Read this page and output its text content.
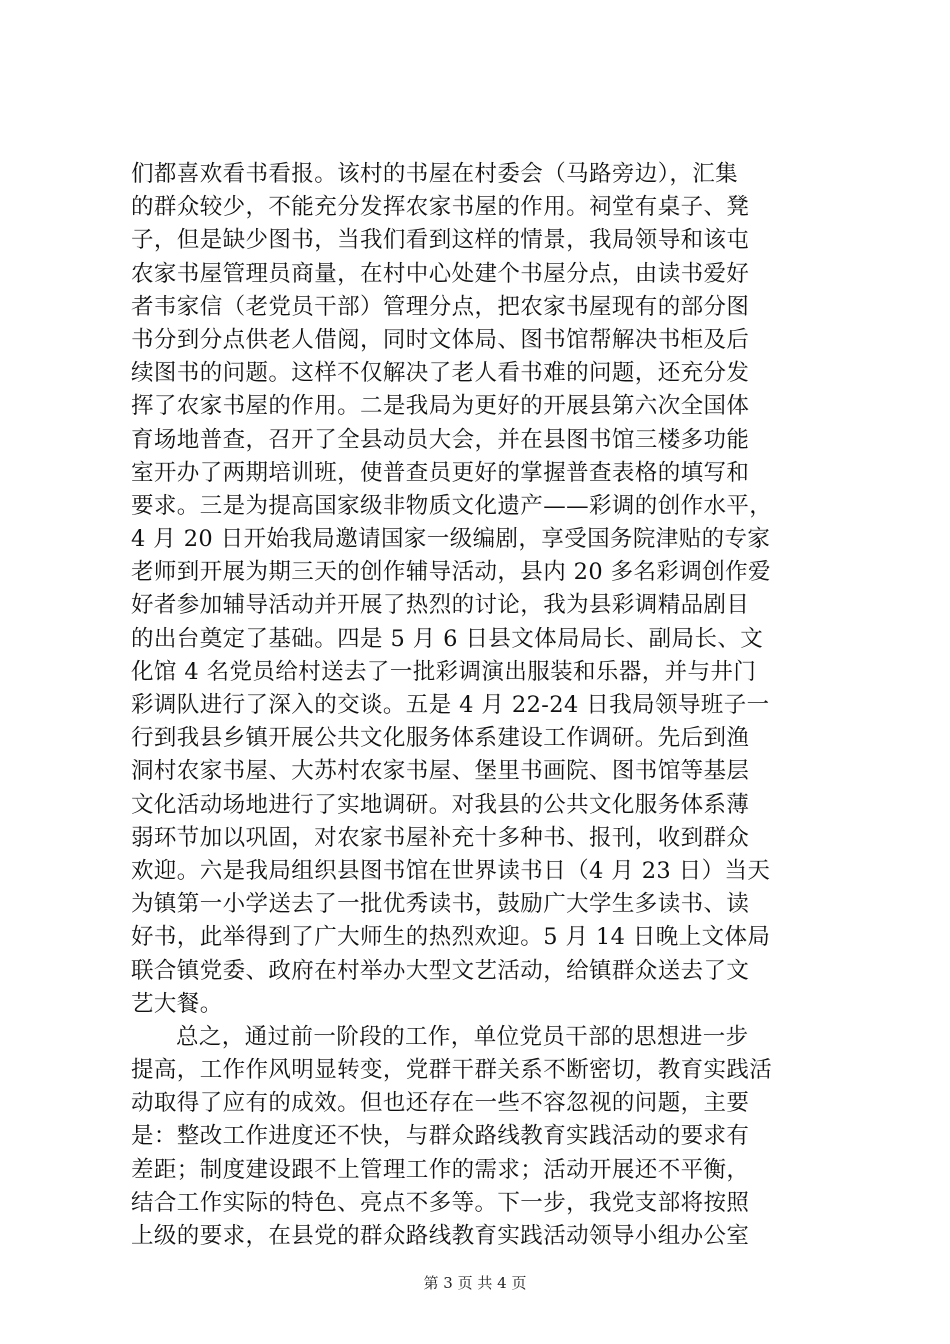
们都喜欢看书看报。该村的书屋在村委会（马路旁边），汇集
的群众较少，不能充分发挥农家书屋的作用。祠堂有桌子、凳
子，但是缺少图书，当我们看到这样的情景，我局领导和该屯
农家书屋管理员商量，在村中心处建个书屋分点，由读书爱好
者韦家信（老党员干部）管理分点，把农家书屋现有的部分图
书分到分点供老人借阅，同时文体局、图书馆帮解决书柜及后
续图书的问题。这样不仅解决了老人看书难的问题，还充分发
挥了农家书屋的作用。二是我局为更好的开展县第六次全国体
育场地普查，召开了全县动员大会，并在县图书馆三楼多功能
室开办了两期培训班，使普查员更好的掌握普查表格的填写和
要求。三是为提高国家级非物质文化遗产——彩调的创作水平，
4 月 20 日开始我局邀请国家一级编剧，享受国务院津贴的专家
老师到开展为期三天的创作辅导活动，县内 20 多名彩调创作爱
好者参加辅导活动并开展了热烈的讨论，我为县彩调精品剧目
的出台奠定了基础。四是 5 月 6 日县文体局局长、副局长、文
化馆 4 名党员给村送去了一批彩调演出服装和乐器，并与井门
彩调队进行了深入的交谈。五是 4 月 22-24 日我局领导班子一
行到我县乡镇开展公共文化服务体系建设工作调研。先后到渔
洞村农家书屋、大苏村农家书屋、堡里书画院、图书馆等基层
文化活动场地进行了实地调研。对我县的公共文化服务体系薄
弱环节加以巩固，对农家书屋补充十多种书、报刊，收到群众
欢迎。六是我局组织县图书馆在世界读书日（4 月 23 日）当天
为镇第一小学送去了一批优秀读书，鼓励广大学生多读书、读
好书，此举得到了广大师生的热烈欢迎。5 月 14 日晚上文体局
联合镇党委、政府在村举办大型文艺活动，给镇群众送去了文
艺大餐。
总之，通过前一阶段的工作，单位党员干部的思想进一步
提高，工作作风明显转变，党群干群关系不断密切，教育实践活
动取得了应有的成效。但也还存在一些不容忽视的问题，主要
是：整改工作进度还不快，与群众路线教育实践活动的要求有
差距；制度建设跟不上管理工作的需求；活动开展还不平衡，
结合工作实际的特色、亮点不多等。下一步，我党支部将按照
上级的要求，在县党的群众路线教育实践活动领导小组办公室
第 3 页 共 4 页
